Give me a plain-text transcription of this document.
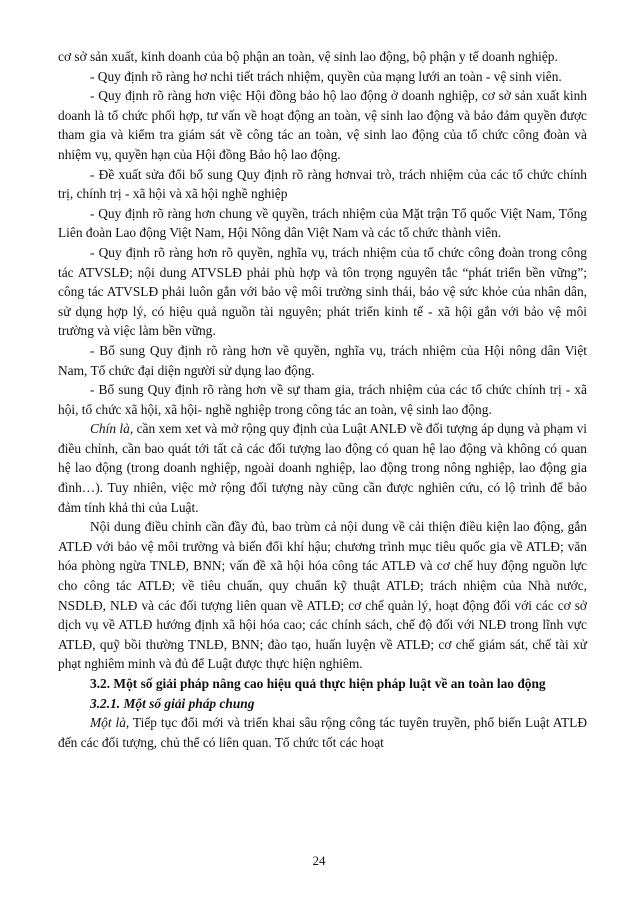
cơ sở sản xuất, kinh doanh của bộ phận an toàn, vệ sinh lao động, bộ phận y tế doanh nghiệp.

- Quy định rõ ràng hơ nchi tiết trách nhiệm, quyền của mạng lưới an toàn - vệ sinh viên.

- Quy định rõ ràng hơn việc Hội đồng bảo hộ lao động ở doanh nghiệp, cơ sở sản xuất kinh doanh là tổ chức phối hợp, tư vấn về hoạt động an toàn, vệ sinh lao động và bảo đảm quyền được tham gia và kiểm tra giám sát về công tác an toàn, vệ sinh lao động của tổ chức công đoàn và nhiệm vụ, quyền hạn của Hội đồng Bảo hộ lao động.

- Đề xuất sửa đổi bổ sung Quy định rõ ràng hơnvai trò, trách nhiệm của các tổ chức chính trị, chính trị - xã hội và xã hội nghề nghiệp

- Quy định rõ ràng hơn chung về quyền, trách nhiệm của Mặt trận Tổ quốc Việt Nam, Tổng Liên đoàn Lao động Việt Nam, Hội Nông dân Việt Nam và các tổ chức thành viên.

- Quy định rõ ràng hơn rõ quyền, nghĩa vụ, trách nhiệm của tổ chức công đoàn trong công tác ATVSLĐ; nội dung ATVSLĐ phải phù hợp và tôn trọng nguyên tắc “phát triển bền vững”; công tác ATVSLĐ phải luôn gắn với bảo vệ môi trường sinh thái, bảo vệ sức khỏe của nhân dân, sử dụng hợp lý, có hiệu quả nguồn tài nguyên; phát triển kinh tế - xã hội gắn với bảo vệ môi trường và việc làm bền vững.

- Bổ sung Quy định rõ ràng hơn về quyền, nghĩa vụ, trách nhiệm của Hội nông dân Việt Nam, Tổ chức đại diện người sử dụng lao động.

- Bổ sung Quy định rõ ràng hơn về sự tham gia, trách nhiệm của các tổ chức chính trị - xã hội, tổ chức xã hội, xã hội- nghề nghiệp trong công tác an toàn, vệ sinh lao động.

Chín là, cần xem xet và mở rộng quy định của Luật ANLĐ về đối tượng áp dụng và phạm vi điều chỉnh, cần bao quát tới tất cả các đối tượng lao động có quan hệ lao động và không có quan hệ lao động (trong doanh nghiệp, ngoài doanh nghiệp, lao động trong nông nghiệp, lao động gia đình…). Tuy nhiên, việc mở rộng đối tượng này cũng cần được nghiên cứu, có lộ trình để bảo đảm tính khả thi của Luật.

Nội dung điều chỉnh cần đầy đủ, bao trùm cả nội dung về cải thiện điều kiện lao động, gắn ATLĐ với bảo vệ môi trường và biến đổi khí hậu; chương trình mục tiêu quốc gia về ATLĐ; văn hóa phòng ngừa TNLĐ, BNN; vấn đề xã hội hóa công tác ATLĐ và cơ chế huy động nguồn lực cho công tác ATLĐ; về tiêu chuẩn, quy chuẩn kỹ thuật ATLĐ; trách nhiệm của Nhà nước, NSDLĐ, NLĐ và các đối tượng liên quan về ATLĐ; cơ chế quản lý, hoạt động đối với các cơ sở dịch vụ về ATLĐ hướng định xã hội hóa cao; các chính sách, chế độ đối với NLĐ trong lĩnh vực ATLĐ, quỹ bồi thường TNLĐ, BNN; đào tạo, huấn luyện về ATLĐ; cơ chế giám sát, chế tài xử phạt nghiêm minh và đủ để Luật được thực hiện nghiêm.

3.2. Một số giải pháp nâng cao hiệu quả thực hiện pháp luật về an toàn lao động

3.2.1. Một số giải pháp chung

Một là, Tiếp tục đổi mới và triển khai sâu rộng công tác tuyên truyền, phổ biến Luật ATLĐ đến các đối tượng, chủ thể có liên quan. Tổ chức tốt các hoạt

24
